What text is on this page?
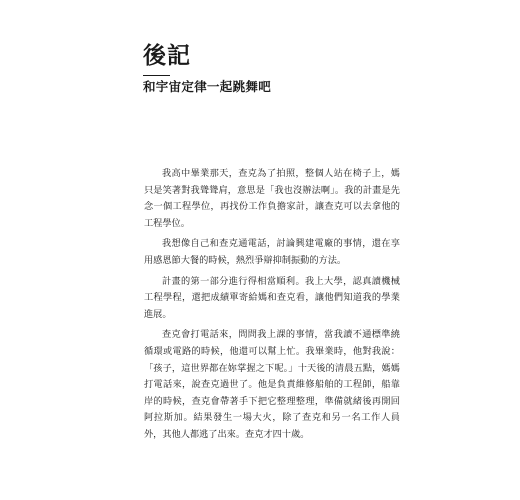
後記
和宇宙定律一起跳舞吧

我高中畢業那天，查克為了拍照，整個人站在椅子上，媽只是笑著對我聳聳肩，意思是「我也沒辦法啊」。我的計畫是先念一個工程學位，再找份工作負擔家計，讓查克可以去拿他的工程學位。

我想像自己和查克通電話，討論興建電廠的事情，還在享用感恩節大餐的時候，熱烈爭辯抑制振動的方法。

計畫的第一部分進行得相當順利。我上大學，認真讀機械工程學程，還把成績單寄給媽和查克看，讓他們知道我的學業進展。

查克會打電話來，問問我上課的事情，當我讀不通標準繞循環或電路的時候，他還可以幫上忙。我畢業時，他對我說：「孩子，這世界都在妳掌握之下呢。」十天後的清晨五點，媽媽打電話來，說查克過世了。他是負責維修船舶的工程師，船靠岸的時候，查克會帶著手下把它整理整理，準備就緒後再開回阿拉斯加。結果發生一場大火，除了查克和另一名工作人員外，其他人都逃了出來。查克才四十歲。
